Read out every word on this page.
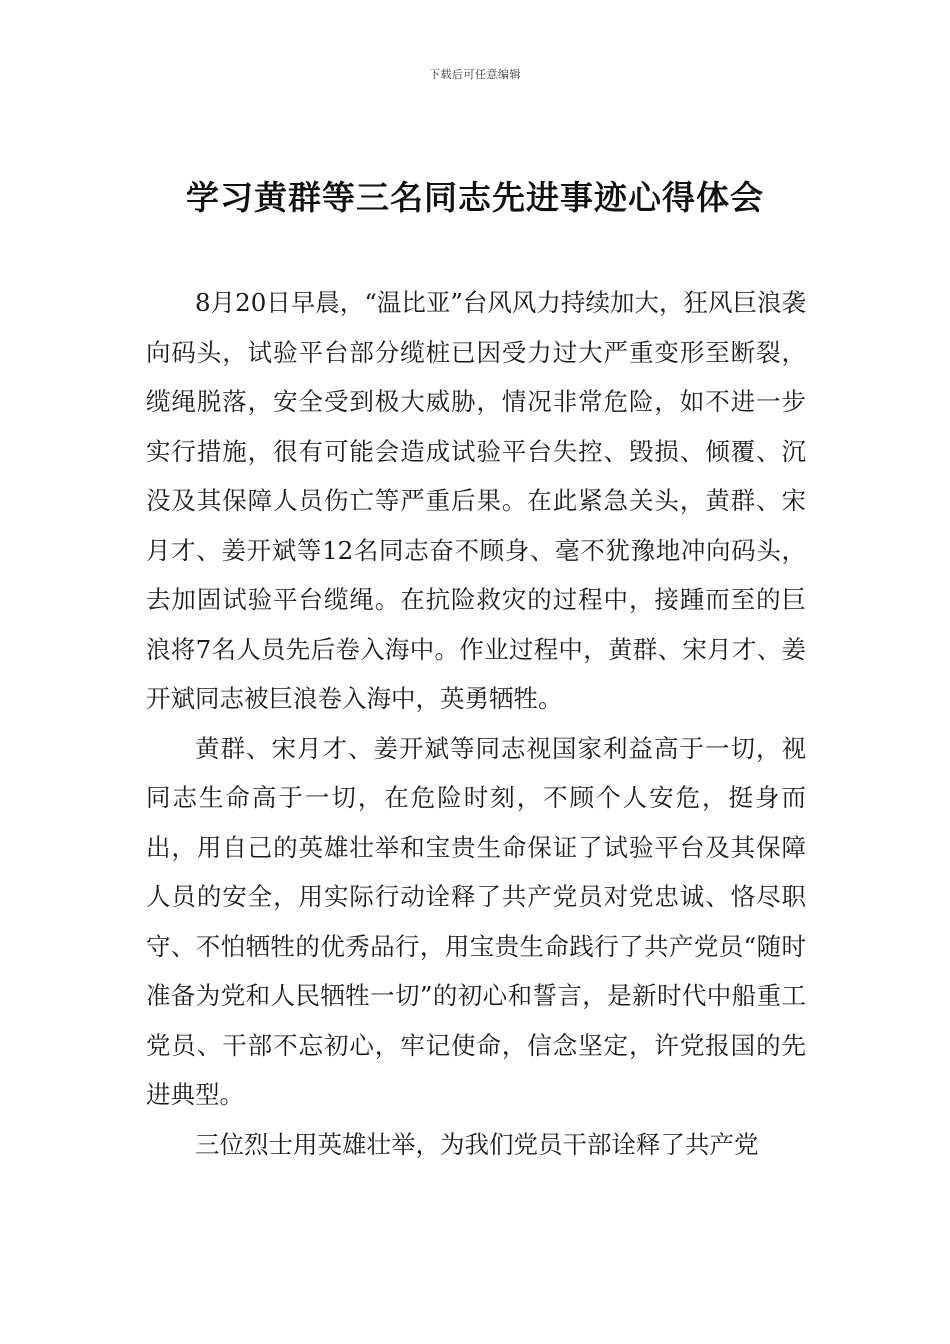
下载后可任意编辑
学习黄群等三名同志先进事迹心得体会

8月20日早晨，“温比亚”台风风力持续加大，狂风巨浪袭向码头，试验平台部分缆桩已因受力过大严重变形至断裂，缆绳脱落，安全受到极大威胁，情况非常危险，如不进一步实行措施，很有可能会造成试验平台失控、毁损、倾覆、沉没及其保障人员伤亡等严重后果。在此紧急关头，黄群、宋月才、姜开斌等12名同志奋不顾身、毫不犹豫地冲向码头，去加固试验平台缆绳。在抗险救灾的过程中，接踵而至的巨浪将7名人员先后卷入海中。作业过程中，黄群、宋月才、姜开斌同志被巨浪卷入海中，英勇牺牲。

黄群、宋月才、姜开斌等同志视国家利益高于一切，视同志生命高于一切，在危险时刻，不顾个人安危，挺身而出，用自己的英雄壮举和宝贵生命保证了试验平台及其保障人员的安全，用实际行动诠释了共产党员对党忠诚、恪尽职守、不怕牺牲的优秀品行，用宝贵生命践行了共产党员“随时准备为党和人民牺牲一切”的初心和誓言，是新时代中船重工党员、干部不忘初心，牢记使命，信念坚定，许党报国的先进典型。

三位烈士用英雄壮举，为我们党员干部诠释了共产党
